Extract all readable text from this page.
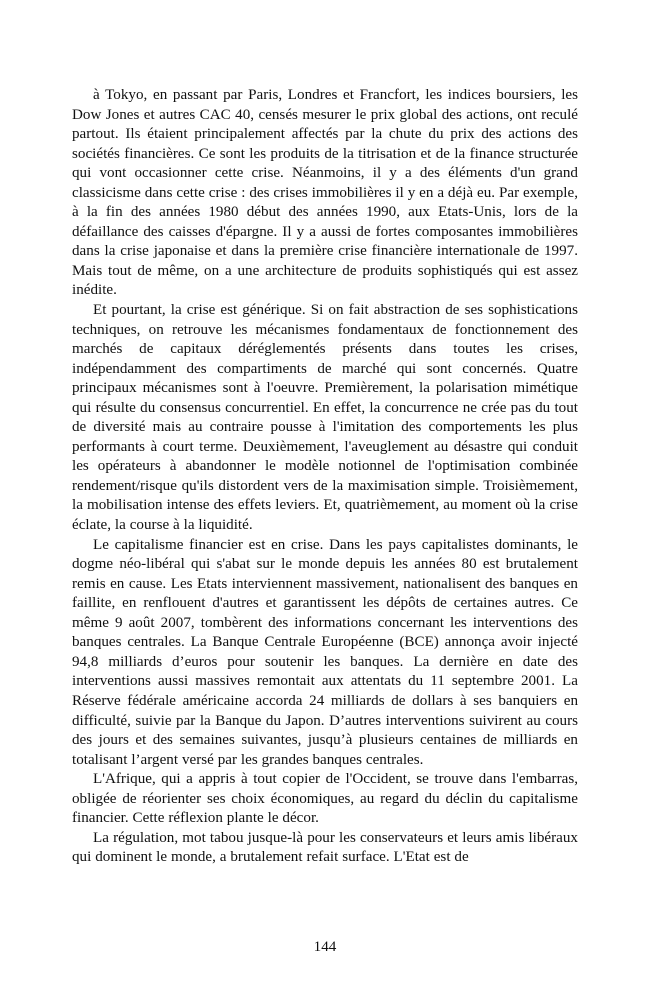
à Tokyo, en passant par Paris, Londres et Francfort, les indices boursiers, les Dow Jones et autres CAC 40, censés mesurer le prix global des actions, ont reculé partout. Ils étaient principalement affectés par la chute du prix des actions des sociétés financières. Ce sont les produits de la titrisation et de la finance structurée qui vont occasionner cette crise. Néanmoins, il y a des éléments d'un grand classicisme dans cette crise : des crises immobilières il y en a déjà eu. Par exemple, à la fin des années 1980 début des années 1990, aux Etats-Unis, lors de la défaillance des caisses d'épargne. Il y a aussi de fortes composantes immobilières dans la crise japonaise et dans la première crise financière internationale de 1997. Mais tout de même, on a une architecture de produits sophistiqués qui est assez inédite.

Et pourtant, la crise est générique. Si on fait abstraction de ses sophistications techniques, on retrouve les mécanismes fondamentaux de fonctionnement des marchés de capitaux déréglementés présents dans toutes les crises, indépendamment des compartiments de marché qui sont concernés. Quatre principaux mécanismes sont à l'oeuvre. Premièrement, la polarisation mimétique qui résulte du consensus concurrentiel. En effet, la concurrence ne crée pas du tout de diversité mais au contraire pousse à l'imitation des comportements les plus performants à court terme. Deuxièmement, l'aveuglement au désastre qui conduit les opérateurs à abandonner le modèle notionnel de l'optimisation combinée rendement/risque qu'ils distordent vers de la maximisation simple. Troisièmement, la mobilisation intense des effets leviers. Et, quatrièmement, au moment où la crise éclate, la course à la liquidité.

Le capitalisme financier est en crise. Dans les pays capitalistes dominants, le dogme néo-libéral qui s'abat sur le monde depuis les années 80 est brutalement remis en cause. Les Etats interviennent massivement, nationalisent des banques en faillite, en renflouent d'autres et garantissent les dépôts de certaines autres. Ce même 9 août 2007, tombèrent des informations concernant les interventions des banques centrales. La Banque Centrale Européenne (BCE) annonça avoir injecté 94,8 milliards d’euros pour soutenir les banques. La dernière en date des interventions aussi massives remontait aux attentats du 11 septembre 2001. La Réserve fédérale américaine accorda 24 milliards de dollars à ses banquiers en difficulté, suivie par la Banque du Japon. D’autres interventions suivirent au cours des jours et des semaines suivantes, jusqu’à plusieurs centaines de milliards en totalisant l’argent versé par les grandes banques centrales.

L'Afrique, qui a appris à tout copier de l'Occident, se trouve dans l'embarras, obligée de réorienter ses choix économiques, au regard du déclin du capitalisme financier. Cette réflexion plante le décor.

La régulation, mot tabou jusque-là pour les conservateurs et leurs amis libéraux qui dominent le monde, a brutalement refait surface. L'Etat est de

144
